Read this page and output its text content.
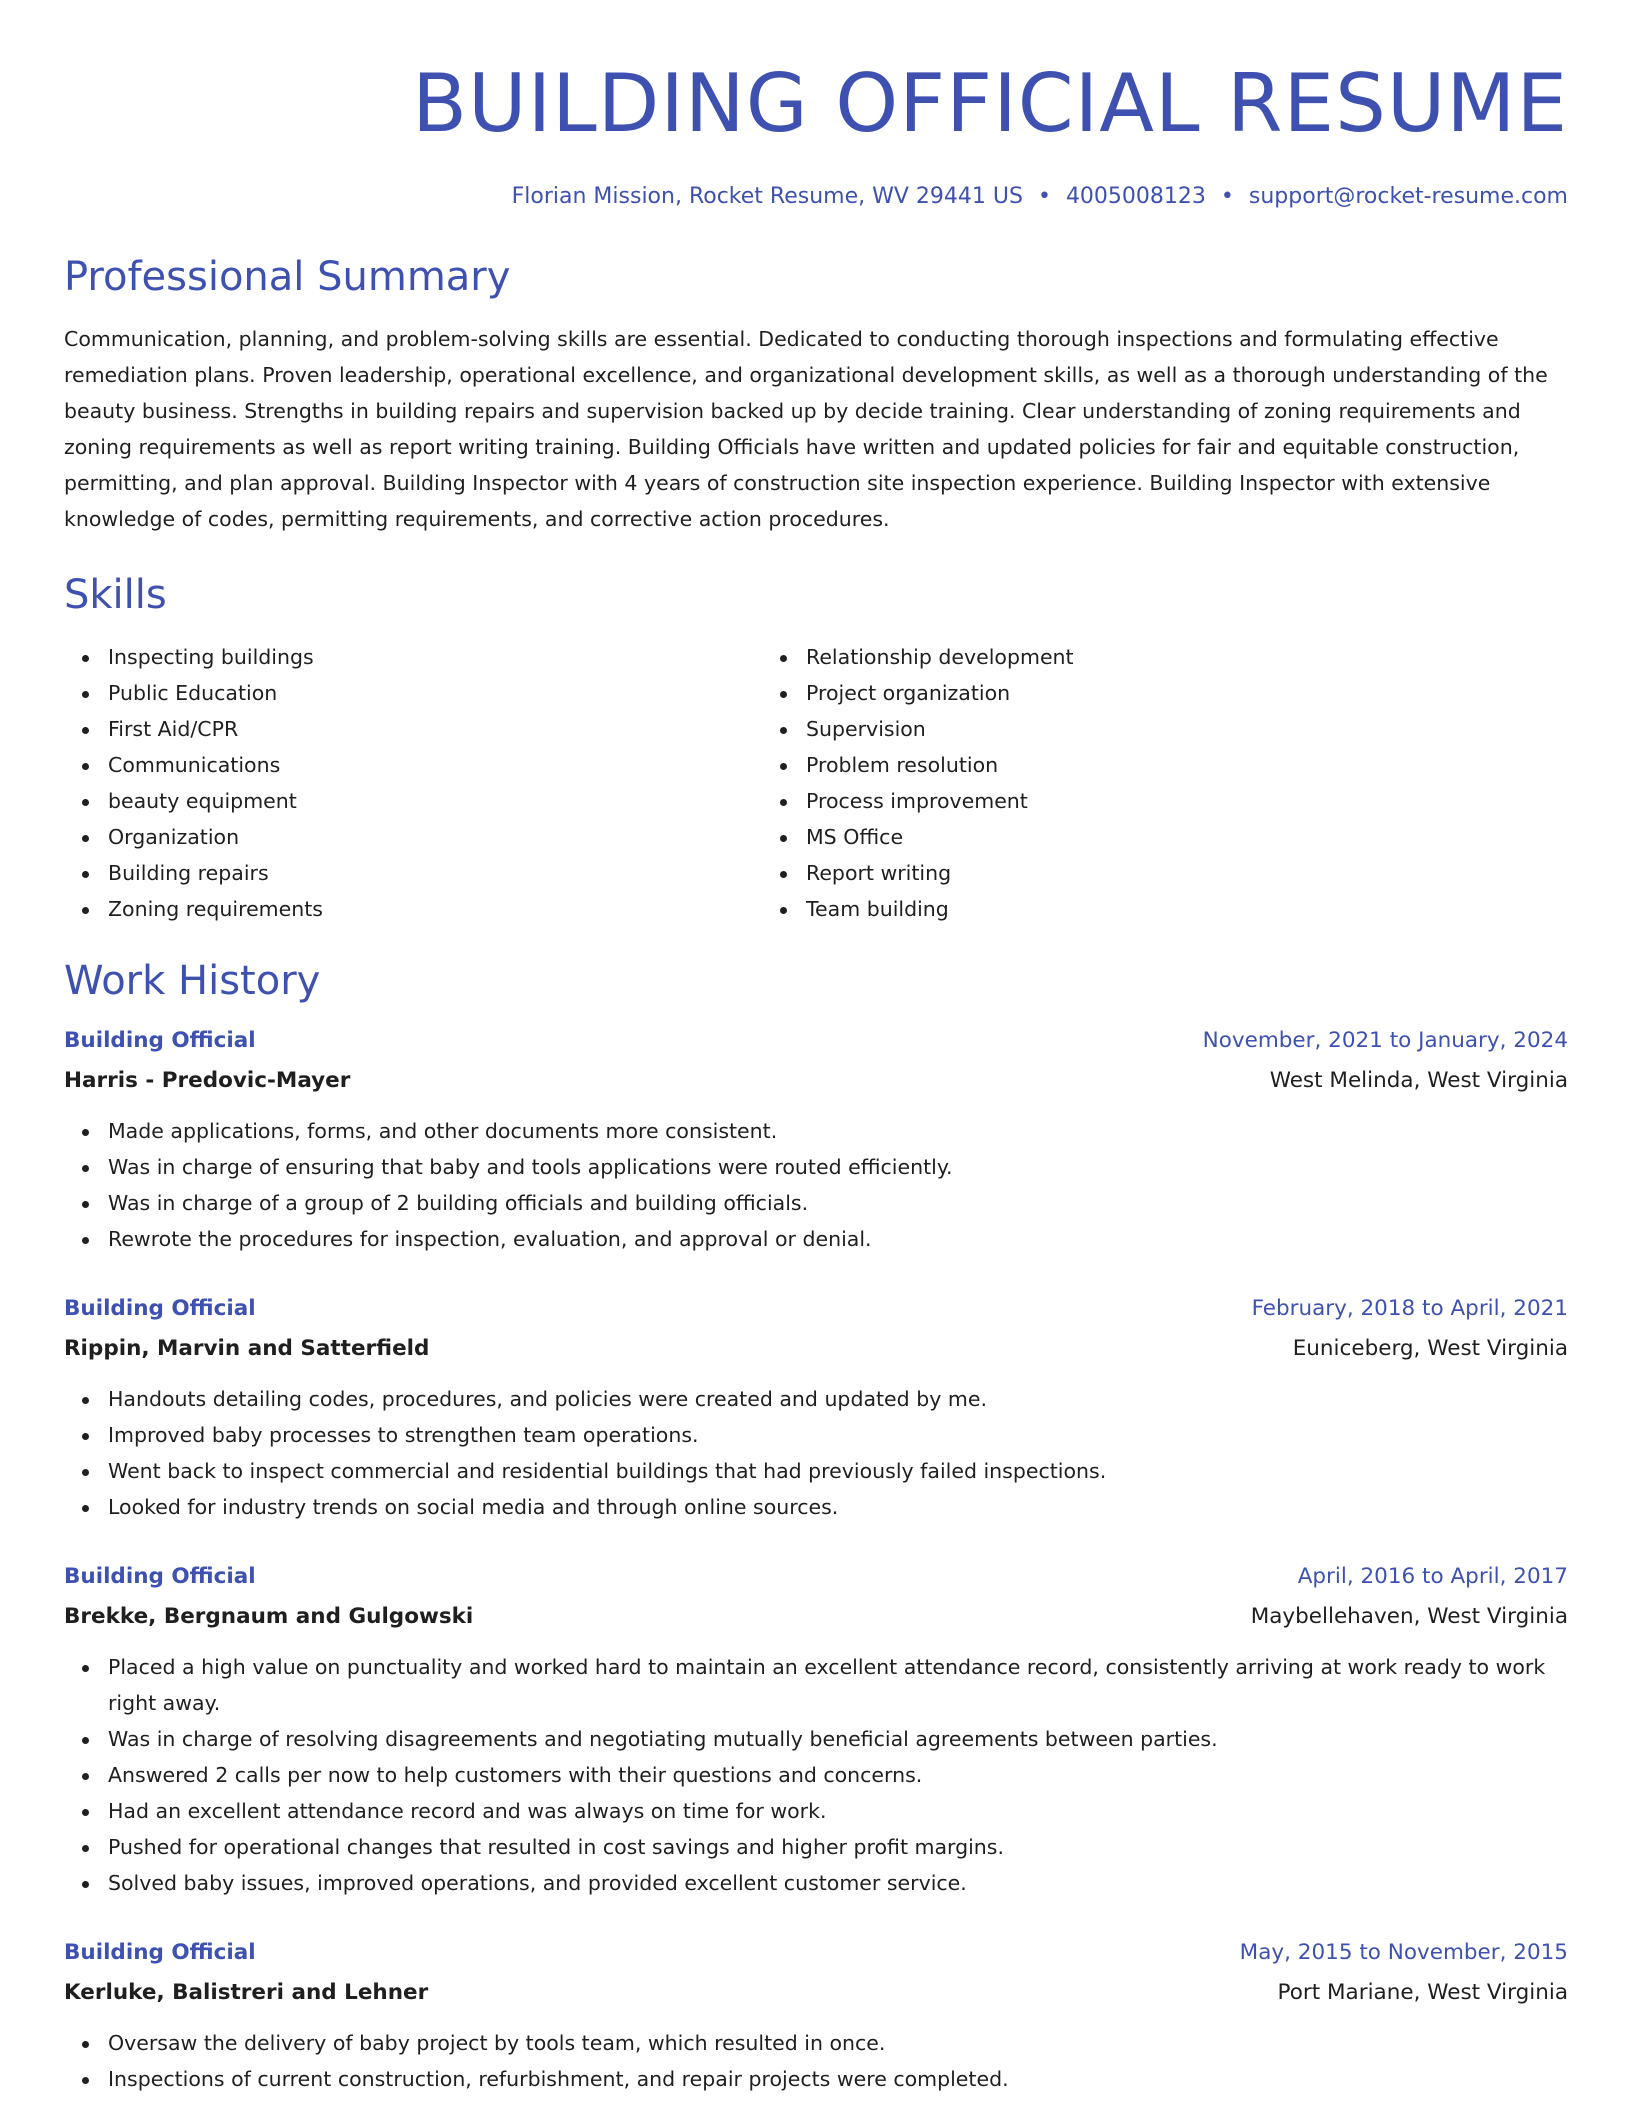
BUILDING OFFICIAL RESUME
Florian Mission, Rocket Resume, WV 29441 US • 4005008123 • support@rocket-resume.com
Professional Summary
Communication, planning, and problem-solving skills are essential. Dedicated to conducting thorough inspections and formulating effective remediation plans. Proven leadership, operational excellence, and organizational development skills, as well as a thorough understanding of the beauty business. Strengths in building repairs and supervision backed up by decide training. Clear understanding of zoning requirements and zoning requirements as well as report writing training. Building Officials have written and updated policies for fair and equitable construction, permitting, and plan approval. Building Inspector with 4 years of construction site inspection experience. Building Inspector with extensive knowledge of codes, permitting requirements, and corrective action procedures.
Skills
Inspecting buildings
Public Education
First Aid/CPR
Communications
beauty equipment
Organization
Building repairs
Zoning requirements
Relationship development
Project organization
Supervision
Problem resolution
Process improvement
MS Office
Report writing
Team building
Work History
Building Official	November, 2021 to January, 2024
Harris - Predovic-Mayer	West Melinda, West Virginia
Made applications, forms, and other documents more consistent.
Was in charge of ensuring that baby and tools applications were routed efficiently.
Was in charge of a group of 2 building officials and building officials.
Rewrote the procedures for inspection, evaluation, and approval or denial.
Building Official	February, 2018 to April, 2021
Rippin, Marvin and Satterfield	Euniceberg, West Virginia
Handouts detailing codes, procedures, and policies were created and updated by me.
Improved baby processes to strengthen team operations.
Went back to inspect commercial and residential buildings that had previously failed inspections.
Looked for industry trends on social media and through online sources.
Building Official	April, 2016 to April, 2017
Brekke, Bergnaum and Gulgowski	Maybellehaven, West Virginia
Placed a high value on punctuality and worked hard to maintain an excellent attendance record, consistently arriving at work ready to work right away.
Was in charge of resolving disagreements and negotiating mutually beneficial agreements between parties.
Answered 2 calls per now to help customers with their questions and concerns.
Had an excellent attendance record and was always on time for work.
Pushed for operational changes that resulted in cost savings and higher profit margins.
Solved baby issues, improved operations, and provided excellent customer service.
Building Official	May, 2015 to November, 2015
Kerluke, Balistreri and Lehner	Port Mariane, West Virginia
Oversaw the delivery of baby project by tools team, which resulted in once.
Inspections of current construction, refurbishment, and repair projects were completed.
